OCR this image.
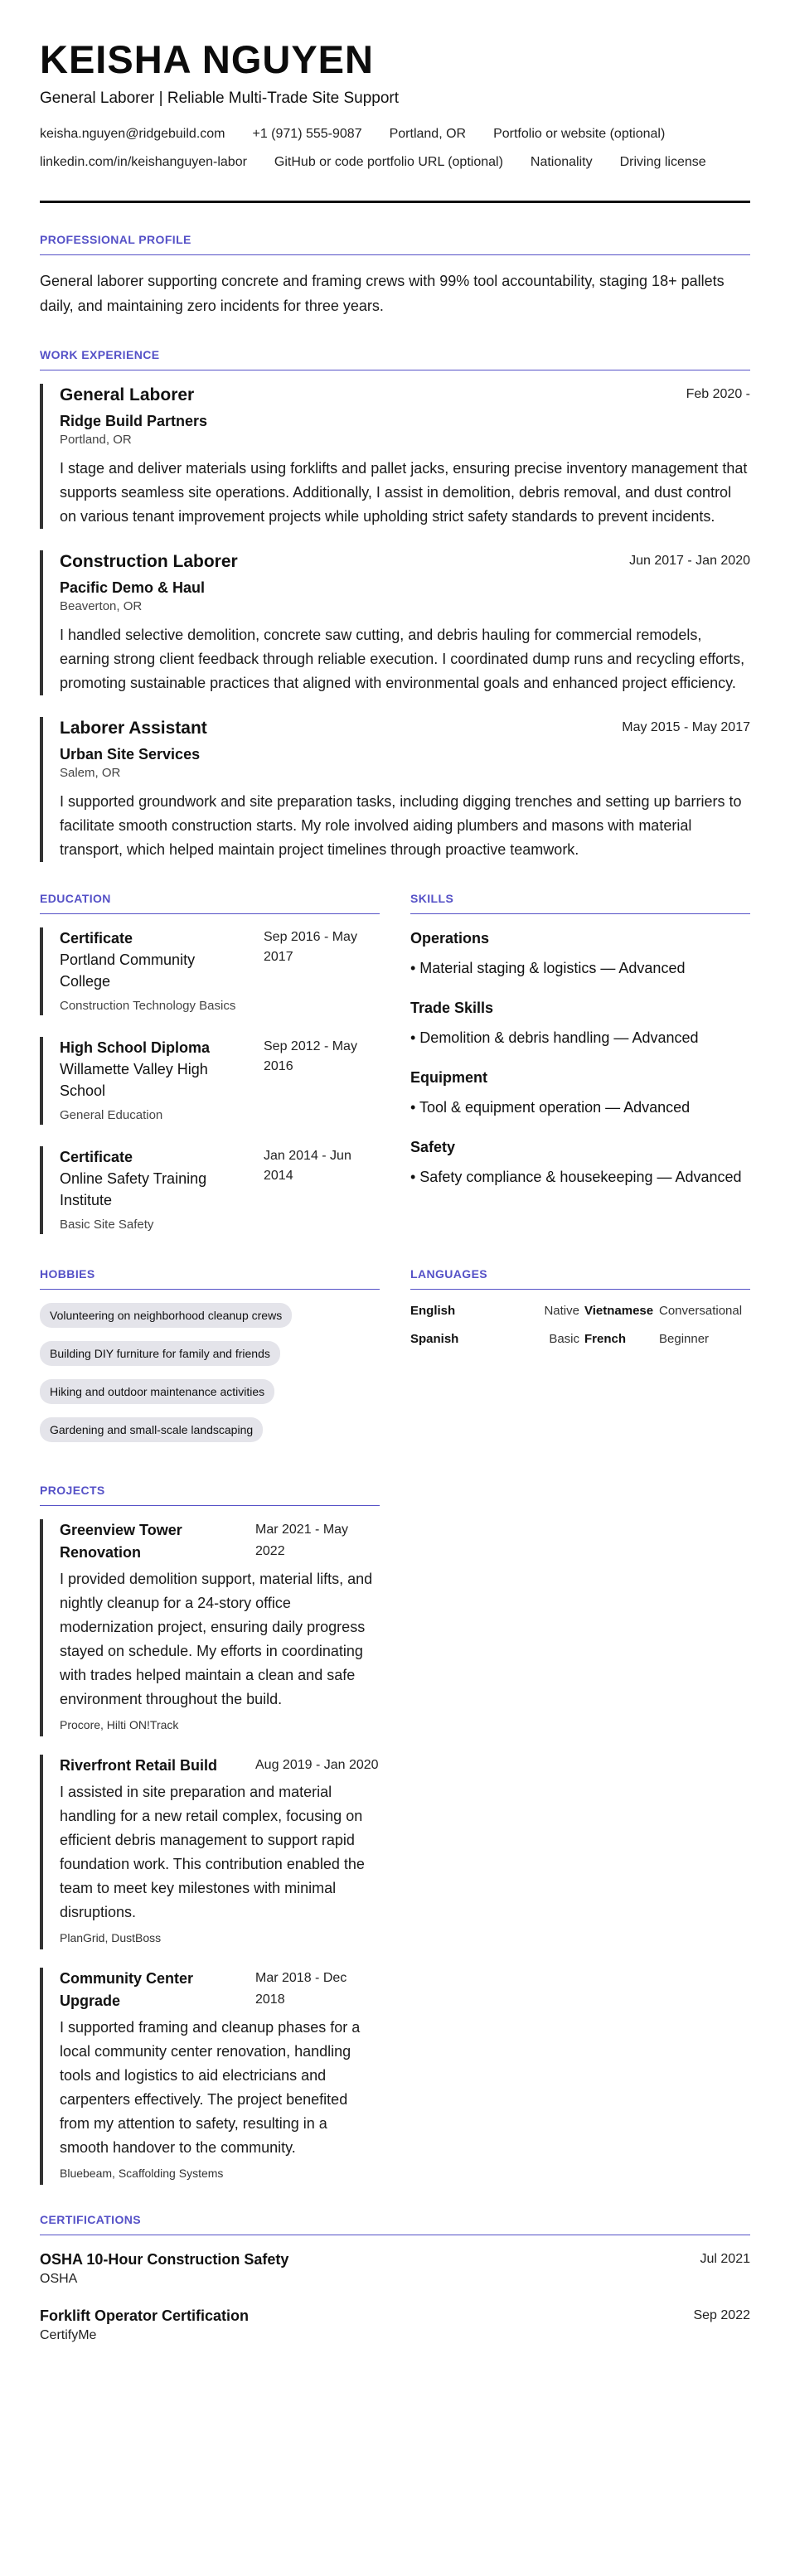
KEISHA NGUYEN
General Laborer | Reliable Multi-Trade Site Support
keisha.nguyen@ridgebuild.com +1 (971) 555-9087 Portland, OR Portfolio or website (optional)
linkedin.com/in/keishanguyen-labor GitHub or code portfolio URL (optional) Nationality Driving license
PROFESSIONAL PROFILE
General laborer supporting concrete and framing crews with 99% tool accountability, staging 18+ pallets daily, and maintaining zero incidents for three years.
WORK EXPERIENCE
General Laborer	Feb 2020 -
Ridge Build Partners
Portland, OR
I stage and deliver materials using forklifts and pallet jacks, ensuring precise inventory management that supports seamless site operations. Additionally, I assist in demolition, debris removal, and dust control on various tenant improvement projects while upholding strict safety standards to prevent incidents.
Construction Laborer	Jun 2017 - Jan 2020
Pacific Demo & Haul
Beaverton, OR
I handled selective demolition, concrete saw cutting, and debris hauling for commercial remodels, earning strong client feedback through reliable execution. I coordinated dump runs and recycling efforts, promoting sustainable practices that aligned with environmental goals and enhanced project efficiency.
Laborer Assistant	May 2015 - May 2017
Urban Site Services
Salem, OR
I supported groundwork and site preparation tasks, including digging trenches and setting up barriers to facilitate smooth construction starts. My role involved aiding plumbers and masons with material transport, which helped maintain project timelines through proactive teamwork.
EDUCATION
Certificate
Portland Community College
Construction Technology Basics
Sep 2016 - May 2017
High School Diploma
Willamette Valley High School
General Education
Sep 2012 - May 2016
Certificate
Online Safety Training Institute
Basic Site Safety
Jan 2014 - Jun 2014
SKILLS
Operations
• Material staging & logistics — Advanced
Trade Skills
• Demolition & debris handling — Advanced
Equipment
• Tool & equipment operation — Advanced
Safety
• Safety compliance & housekeeping — Advanced
HOBBIES
Volunteering on neighborhood cleanup crews
Building DIY furniture for family and friends
Hiking and outdoor maintenance activities
Gardening and small-scale landscaping
LANGUAGES
English	Native Vietnamese Conversational
Spanish	Basic French	Beginner
PROJECTS
Greenview Tower Renovation
Mar 2021 - May 2022
I provided demolition support, material lifts, and nightly cleanup for a 24-story office modernization project, ensuring daily progress stayed on schedule. My efforts in coordinating with trades helped maintain a clean and safe environment throughout the build.
Procore, Hilti ON!Track
Riverfront Retail Build	Aug 2019 - Jan 2020
I assisted in site preparation and material handling for a new retail complex, focusing on efficient debris management to support rapid foundation work. This contribution enabled the team to meet key milestones with minimal disruptions.
PlanGrid, DustBoss
Community Center Upgrade
Mar 2018 - Dec 2018
I supported framing and cleanup phases for a local community center renovation, handling tools and logistics to aid electricians and carpenters effectively. The project benefited from my attention to safety, resulting in a smooth handover to the community.
Bluebeam, Scaffolding Systems
CERTIFICATIONS
OSHA 10-Hour Construction Safety
OSHA
Jul 2021
Forklift Operator Certification
CertifyMe
Sep 2022
